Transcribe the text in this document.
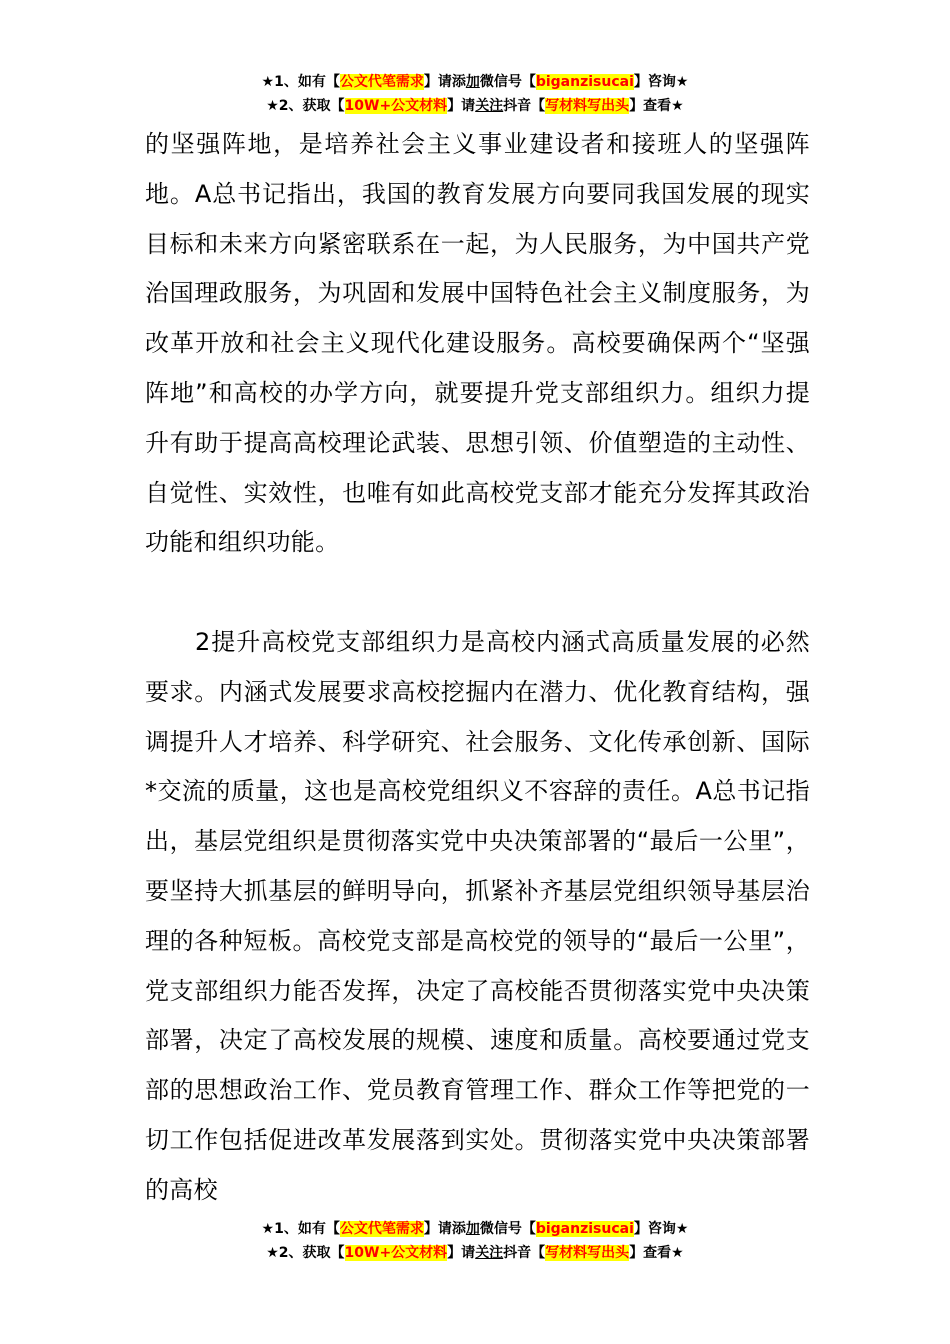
★1、如有【公文代笔需求】请添加微信号【biganzisucai】咨询★
★2、获取【10W+公文材料】请关注抖音【写材料写出头】查看★

的坚强阵地，是培养社会主义事业建设者和接班人的坚强阵地。A总书记指出，我国的教育发展方向要同我国发展的现实目标和未来方向紧密联系在一起，为人民服务，为中国共产党治国理政服务，为巩固和发展中国特色社会主义制度服务，为改革开放和社会主义现代化建设服务。高校要确保两个“坚强阵地”和高校的办学方向，就要提升党支部组织力。组织力提升有助于提高高校理论武装、思想引领、价值塑造的主动性、自觉性、实效性，也唯有如此高校党支部才能充分发挥其政治功能和组织功能。

2提升高校党支部组织力是高校内涵式高质量发展的必然要求。内涵式发展要求高校挖掘内在潜力、优化教育结构，强调提升人才培养、科学研究、社会服务、文化传承创新、国际*交流的质量，这也是高校党组织义不容辞的责任。A总书记指出，基层党组织是贯彻落实党中央决策部署的“最后一公里”，要坚持大抓基层的鲜明导向，抓紧补齐基层党组织领导基层治理的各种短板。高校党支部是高校党的领导的“最后一公里”，党支部组织力能否发挥，决定了高校能否贯彻落实党中央决策部署，决定了高校发展的规模、速度和质量。高校要通过党支部的思想政治工作、党员教育管理工作、群众工作等把党的一切工作包括促进改革发展落到实处。贯彻落实党中央决策部署的高校

★1、如有【公文代笔需求】请添加微信号【biganzisucai】咨询★
★2、获取【10W+公文材料】请关注抖音【写材料写出头】查看★
